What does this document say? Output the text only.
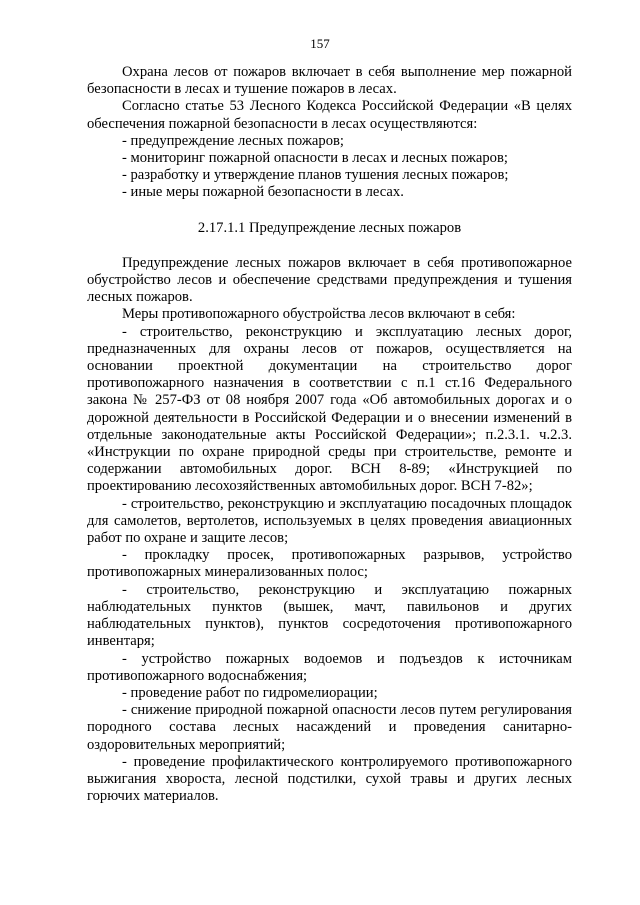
157

Охрана лесов от пожаров включает в себя выполнение мер пожарной безопасности в лесах и тушение пожаров в лесах.

Согласно статье 53 Лесного Кодекса Российской Федерации «В целях обеспечения пожарной безопасности в лесах осуществляются:

- предупреждение лесных пожаров;

- мониторинг пожарной опасности в лесах и лесных пожаров;

- разработку и утверждение планов тушения лесных пожаров;

- иные меры пожарной безопасности в лесах.

2.17.1.1 Предупреждение лесных пожаров

Предупреждение лесных пожаров включает в себя противопожарное обустройство лесов и обеспечение средствами предупреждения и тушения лесных пожаров.

Меры противопожарного обустройства лесов включают в себя:

- строительство, реконструкцию и эксплуатацию лесных дорог, предназначенных для охраны лесов от пожаров, осуществляется на основании проектной документации на строительство дорог противопожарного назначения в соответствии с п.1 ст.16 Федерального закона № 257-ФЗ от 08 ноября 2007 года «Об автомобильных дорогах и о дорожной деятельности в Российской Федерации и о внесении изменений в отдельные законодательные акты Российской Федерации»; п.2.3.1. ч.2.3. «Инструкции по охране природной среды при строительстве, ремонте и содержании автомобильных дорог. ВСН 8-89; «Инструкцией по проектированию лесохозяйственных автомобильных дорог. ВСН 7-82»;

- строительство, реконструкцию и эксплуатацию посадочных площадок для самолетов, вертолетов, используемых в целях проведения авиационных работ по охране и защите лесов;

- прокладку просек, противопожарных разрывов, устройство противопожарных минерализованных полос;

- строительство, реконструкцию и эксплуатацию пожарных наблюдательных пунктов (вышек, мачт, павильонов и других наблюдательных пунктов), пунктов сосредоточения противопожарного инвентаря;

- устройство пожарных водоемов и подъездов к источникам противопожарного водоснабжения;

- проведение работ по гидромелиорации;

- снижение природной пожарной опасности лесов путем регулирования породного состава лесных насаждений и проведения санитарно-оздоровительных мероприятий;

- проведение профилактического контролируемого противопожарного выжигания хвороста, лесной подстилки, сухой травы и других лесных горючих материалов.
